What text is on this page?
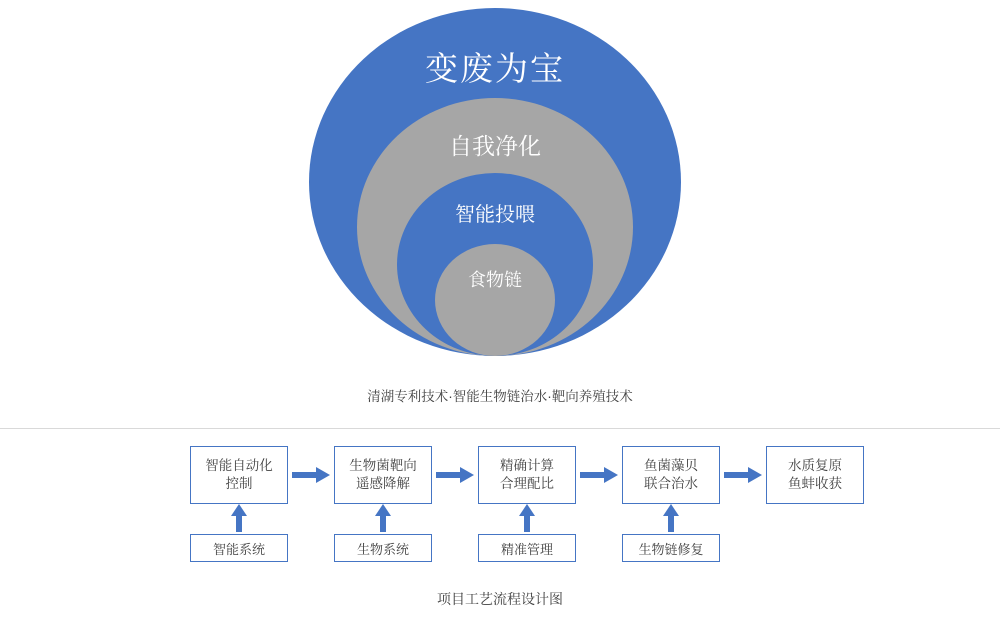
变废为宝
自我净化
智能投喂
食物链
清湖专利技术·智能生物链治水·靶向养殖技术
智能自动化
控制
生物菌靶向
遥感降解
精确计算
合理配比
鱼菌藻贝
联合治水
水质复原
鱼蚌收获
智能系统	生物系统	精准管理	生物链修复
项目工艺流程设计图
